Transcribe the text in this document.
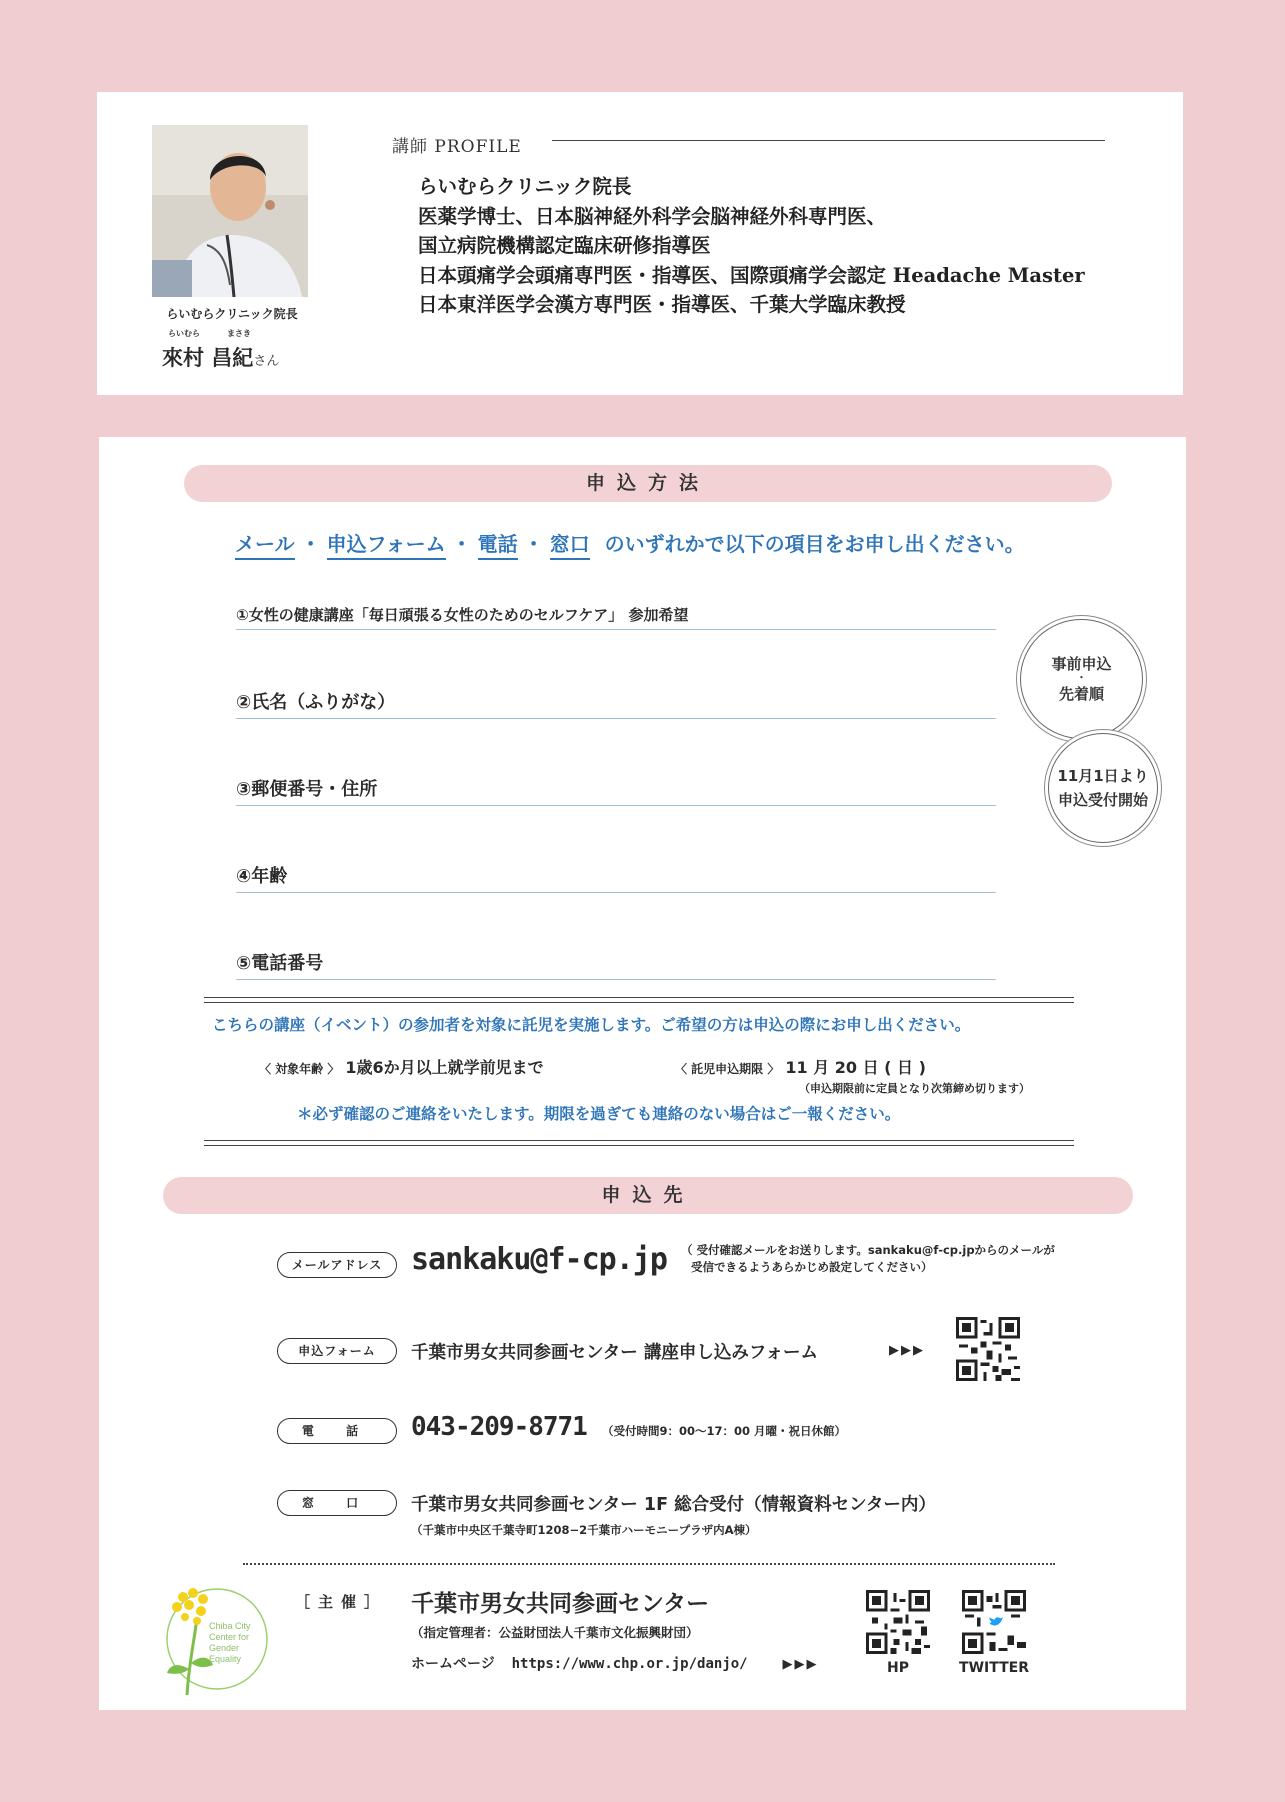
らいむらクリニック院長
らいむら	まさき
來村 昌紀さん
講師 PROFILE
らいむらクリニック院長
医薬学博士、日本脳神経外科学会脳神経外科専門医、
国立病院機構認定臨床研修指導医
日本頭痛学会頭痛専門医・指導医、国際頭痛学会認定 Headache Master
日本東洋医学会漢方専門医・指導医、千葉大学臨床教授
申込方法
メール ・ 申込フォーム ・ 電話 ・ 窓口 のいずれかで以下の項目をお申し出ください。
①女性の健康講座「毎日頑張る女性のためのセルフケア」 参加希望
②氏名（ふりがな）
③郵便番号・住所
④年齢
⑤電話番号
事前申込
・
先着順
11月1日より
申込受付開始
こちらの講座（イベント）の参加者を対象に託児を実施します。ご希望の方は申込の際にお申し出ください。
〈 対象年齢 〉 1歳6か月以上就学前児まで	〈 託児申込期限 〉 11 月 20 日 ( 日 )
（申込期限前に定員となり次第締め切ります）
＊必ず確認のご連絡をいたします。期限を過ぎても連絡のない場合はご一報ください。
申込先
メールアドレス sankaku@f-cp.jp （ 受付確認メールをお送りします。sankaku@f-cp.jpからのメールが
受信できるようあらかじめ設定してください）
申込フォーム	千葉市男女共同参画センター 講座申し込みフォーム	▶▶▶
電 話	043-209-8771 （受付時間9：00〜17：00 月曜・祝日休館）
窓 口	千葉市男女共同参画センター 1F 総合受付（情報資料センター内）
（千葉市中央区千葉寺町1208−2千葉市ハーモニープラザ内A棟）
Chiba City
Center for
Gender
Equality
［主催］ 千葉市男女共同参画センター
（指定管理者：公益財団法人千葉市文化振興財団）
ホームページ https://www.chp.or.jp/danjo/	▶▶▶	HP	TWITTER
